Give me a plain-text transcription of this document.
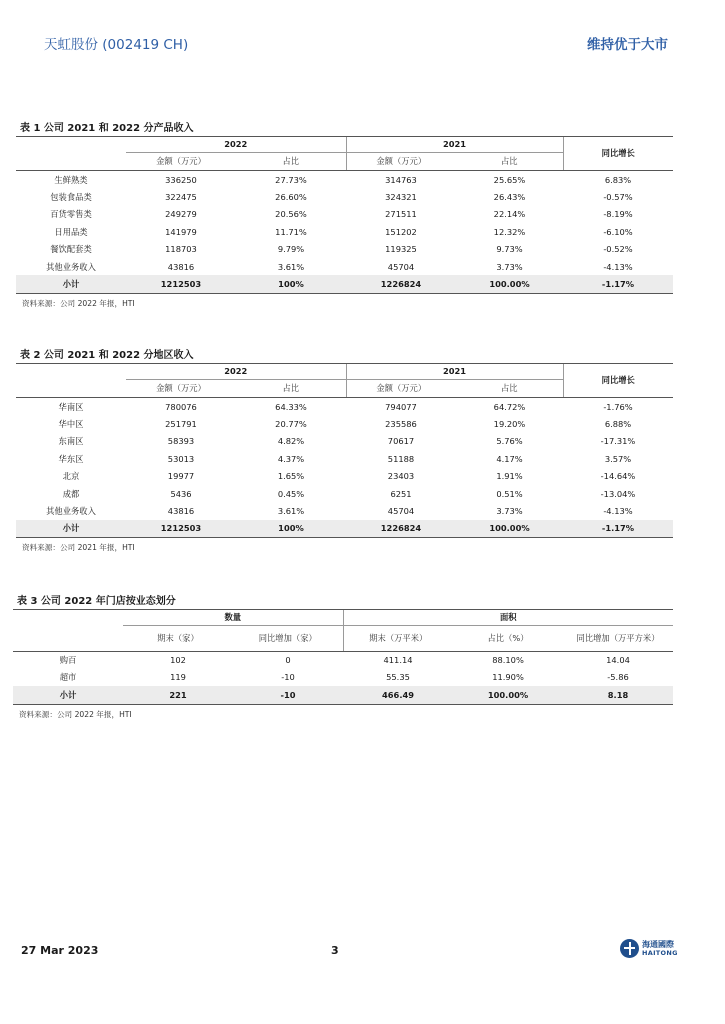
天虹股份 (002419 CH)	维持优于大市
表 1 公司 2021 和 2022 分产品收入
	2022		2021		同比增长
	金额（万元）	占比	金额（万元）	占比	
生鲜熟类	336250	27.73%	314763	25.65%	6.83%
包装食品类	322475	26.60%	324321	26.43%	-0.57%
百货零售类	249279	20.56%	271511	22.14%	-8.19%
日用品类	141979	11.71%	151202	12.32%	-6.10%
餐饮配套类	118703	9.79%	119325	9.73%	-0.52%
其他业务收入	43816	3.61%	45704	3.73%	-4.13%
小计	1212503	100%	1226824	100.00%	-1.17%
资料来源：公司 2022 年报，HTI
表 2 公司 2021 和 2022 分地区收入
	2022		2021		同比增长
	金额（万元）	占比	金额（万元）	占比	
华南区	780076	64.33%	794077	64.72%	-1.76%
华中区	251791	20.77%	235586	19.20%	6.88%
东南区	58393	4.82%	70617	5.76%	-17.31%
华东区	53013	4.37%	51188	4.17%	3.57%
北京	19977	1.65%	23403	1.91%	-14.64%
成都	5436	0.45%	6251	0.51%	-13.04%
其他业务收入	43816	3.61%	45704	3.73%	-4.13%
小计	1212503	100%	1226824	100.00%	-1.17%
资料来源：公司 2021 年报，HTI
表 3 公司 2022 年门店按业态划分
	数量		面积		
	期末（家）	同比增加（家）	期末（万平米）	占比（%）	同比增加（万平方米）
购百	102	0	411.14	88.10%	14.04
超市	119	-10	55.35	11.90%	-5.86
小计	221	-10	466.49	100.00%	8.18
资料来源：公司 2022 年报，HTI
27 Mar 2023	3	海通國際
HAITONG
